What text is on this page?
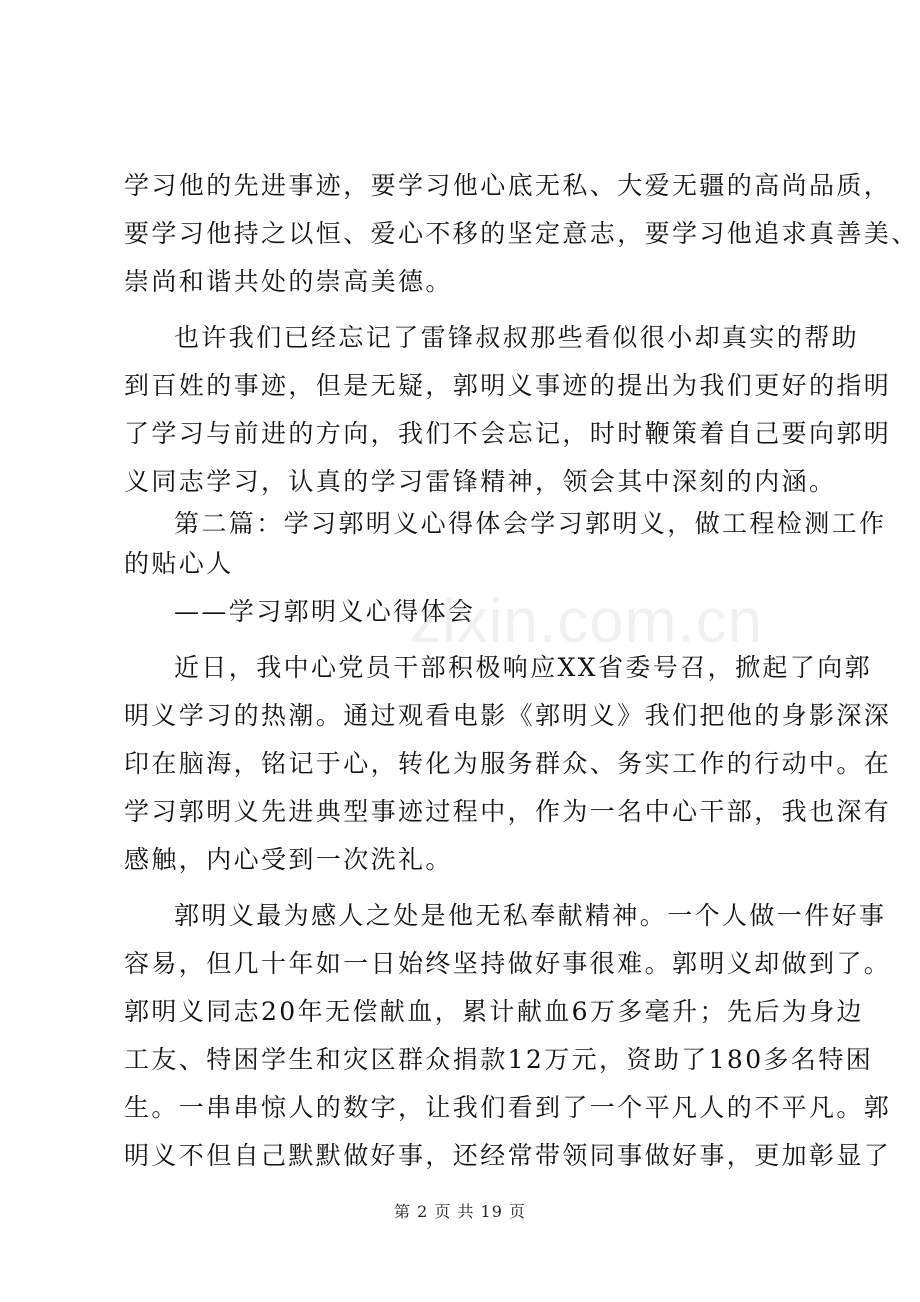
zixin.com.cn
学习他的先进事迹，要学习他心底无私、大爱无疆的高尚品质，
要学习他持之以恒、爱心不移的坚定意志，要学习他追求真善美、
崇尚和谐共处的崇高美德。
也许我们已经忘记了雷锋叔叔那些看似很小却真实的帮助
到百姓的事迹，但是无疑，郭明义事迹的提出为我们更好的指明
了学习与前进的方向，我们不会忘记，时时鞭策着自己要向郭明
义同志学习，认真的学习雷锋精神，领会其中深刻的内涵。
第二篇：学习郭明义心得体会学习郭明义，做工程检测工作
的贴心人
——学习郭明义心得体会
近日，我中心党员干部积极响应XX省委号召，掀起了向郭
明义学习的热潮。通过观看电影《郭明义》我们把他的身影深深
印在脑海，铭记于心，转化为服务群众、务实工作的行动中。在
学习郭明义先进典型事迹过程中，作为一名中心干部，我也深有
感触，内心受到一次洗礼。
郭明义最为感人之处是他无私奉献精神。一个人做一件好事
容易，但几十年如一日始终坚持做好事很难。郭明义却做到了。
郭明义同志20年无偿献血，累计献血6万多毫升；先后为身边
工友、特困学生和灾区群众捐款12万元，资助了180多名特困
生。一串串惊人的数字，让我们看到了一个平凡人的不平凡。郭
明义不但自己默默做好事，还经常带领同事做好事，更加彰显了
第 2 页 共 19 页
